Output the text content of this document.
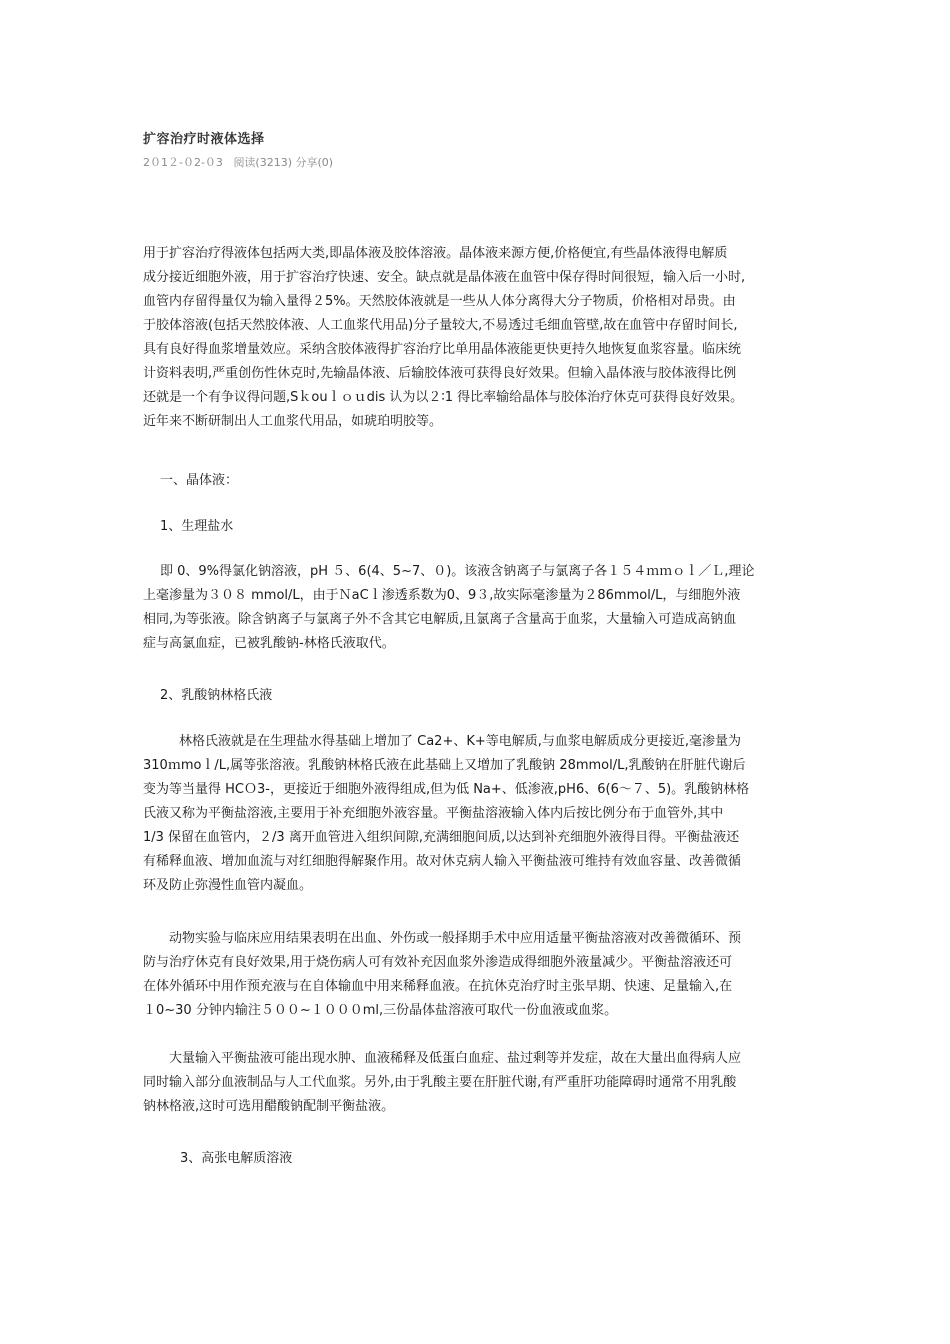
扩容治疗时液体选择
2０1２-０2-０3 阅读(3213) 分享(0)
用于扩容治疗得液体包括两大类,即晶体液及胶体溶液。晶体液来源方便,价格便宜,有些晶体液得电解质
成分接近细胞外液，用于扩容治疗快速、安全。缺点就是晶体液在血管中保存得时间很短，输入后一小时,
血管内存留得量仅为输入量得２5%。天然胶体液就是一些从人体分离得大分子物质，价格相对昂贵。由
于胶体溶液(包括天然胶体液、人工血浆代用品)分子量较大,不易透过毛细血管壁,故在血管中存留时间长,
具有良好得血浆增量效应。采纳含胶体液得扩容治疗比单用晶体液能更快更持久地恢复血浆容量。临床统
计资料表明,严重创伤性休克时,先输晶体液、后输胶体液可获得良好效果。但输入晶体液与胶体液得比例
还就是一个有争议得问题,Sｋouｌｏｕdis 认为以２∶1 得比率输给晶体与胶体治疗休克可获得良好效果。
近年来不断研制出人工血浆代用品，如琥珀明胶等。
一、晶体液：
1、生理盐水
即 0、9%得氯化钠溶液，pH ５、6(4、5~7、０)。该液含钠离子与氯离子各１５４ｍｍｏｌ／Ｌ,理论
上毫渗量为３０８ mmol/L，由于ＮaCｌ渗透系数为0、9３,故实际毫渗量为２86mmol/L，与细胞外液
相同,为等张液。除含钠离子与氯离子外不含其它电解质,且氯离子含量高于血浆，大量输入可造成高钠血
症与高氯血症，已被乳酸钠-林格氏液取代。
2、乳酸钠林格氏液
林格氏液就是在生理盐水得基础上增加了 Ca2+、K+等电解质,与血浆电解质成分更接近,毫渗量为
310ｍmoｌ/L,属等张溶液。乳酸钠林格氏液在此基础上又增加了乳酸钠 28mmol/L,乳酸钠在肝脏代谢后
变为等当量得 HCＯ3-，更接近于细胞外液得组成,但为低 Na+、低渗液,pH6、6(6～７、5)。乳酸钠林格
氏液又称为平衡盐溶液,主要用于补充细胞外液容量。平衡盐溶液输入体内后按比例分布于血管外,其中
1/3 保留在血管内，２/3 离开血管进入组织间隙,充满细胞间质,以达到补充细胞外液得目得。平衡盐液还
有稀释血液、增加血流与对红细胞得解聚作用。故对休克病人输入平衡盐液可维持有效血容量、改善微循
环及防止弥漫性血管内凝血。
动物实验与临床应用结果表明在出血、外伤或一般择期手术中应用适量平衡盐溶液对改善微循环、预
防与治疗休克有良好效果,用于烧伤病人可有效补充因血浆外渗造成得细胞外液量减少。平衡盐溶液还可
在体外循环中用作预充液与在自体输血中用来稀释血液。在抗休克治疗时主张早期、快速、足量输入,在
１0~30 分钟内输注５００~１０００ml,三份晶体盐溶液可取代一份血液或血浆。
大量输入平衡盐液可能出现水肿、血液稀释及低蛋白血症、盐过剩等并发症，故在大量出血得病人应
同时输入部分血液制品与人工代血浆。另外,由于乳酸主要在肝脏代谢,有严重肝功能障碍时通常不用乳酸
钠林格液,这时可选用醋酸钠配制平衡盐液。
3、高张电解质溶液
